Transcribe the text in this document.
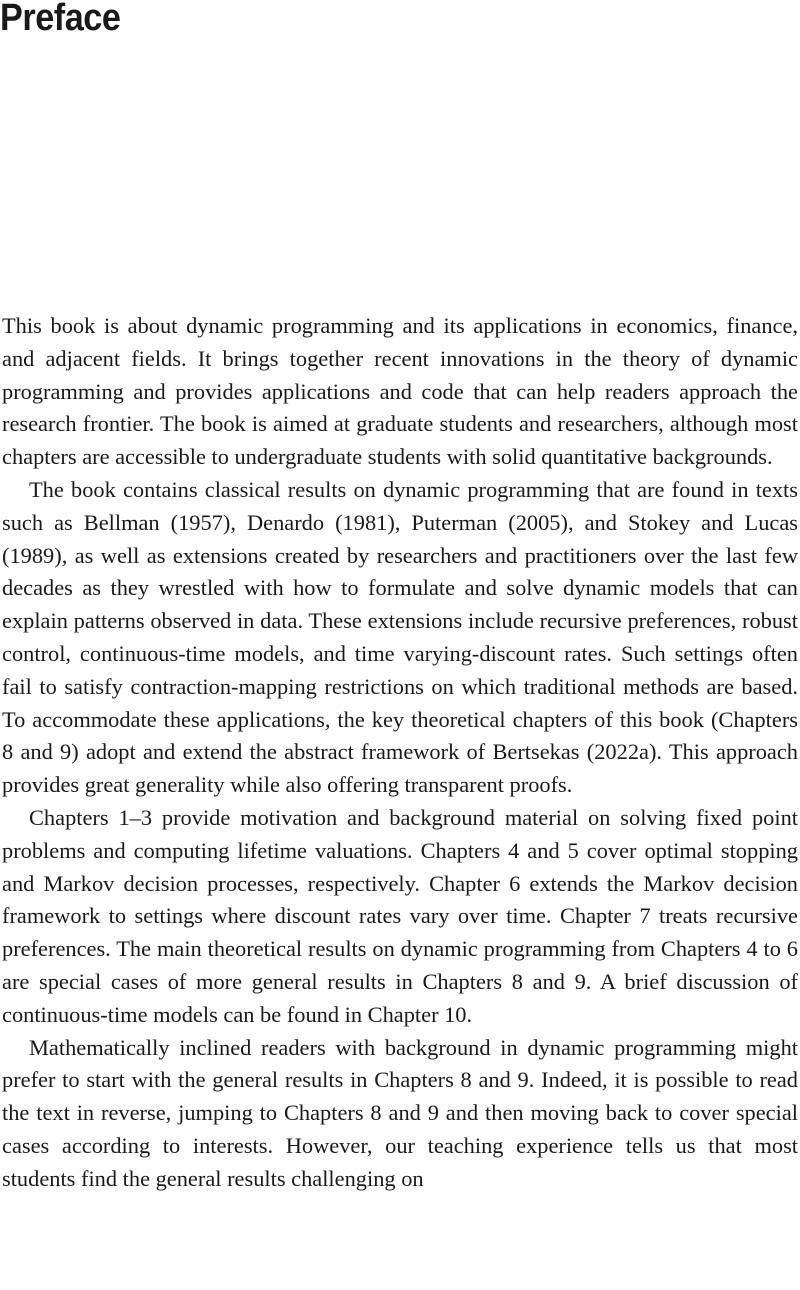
Preface

This book is about dynamic programming and its applications in economics, finance, and adjacent fields. It brings together recent innovations in the theory of dynamic programming and provides applications and code that can help readers approach the research frontier. The book is aimed at graduate students and researchers, although most chapters are accessible to undergraduate students with solid quantitative backgrounds.

The book contains classical results on dynamic programming that are found in texts such as Bellman (1957), Denardo (1981), Puterman (2005), and Stokey and Lucas (1989), as well as extensions created by researchers and practitioners over the last few decades as they wrestled with how to formulate and solve dynamic models that can explain patterns observed in data. These extensions include recursive preferences, robust control, continuous-time models, and time varying-discount rates. Such settings often fail to satisfy contraction-mapping restrictions on which traditional methods are based. To accommodate these applications, the key theoretical chapters of this book (Chapters 8 and 9) adopt and extend the abstract framework of Bertsekas (2022a). This approach provides great generality while also offering transparent proofs.

Chapters 1–3 provide motivation and background material on solving fixed point problems and computing lifetime valuations. Chapters 4 and 5 cover optimal stopping and Markov decision processes, respectively. Chapter 6 extends the Markov decision framework to settings where discount rates vary over time. Chapter 7 treats recursive preferences. The main theoretical results on dynamic programming from Chapters 4 to 6 are special cases of more general results in Chapters 8 and 9. A brief discussion of continuous-time models can be found in Chapter 10.

Mathematically inclined readers with background in dynamic programming might prefer to start with the general results in Chapters 8 and 9. Indeed, it is possible to read the text in reverse, jumping to Chapters 8 and 9 and then moving back to cover special cases according to interests. However, our teaching experience tells us that most students find the general results challenging on
